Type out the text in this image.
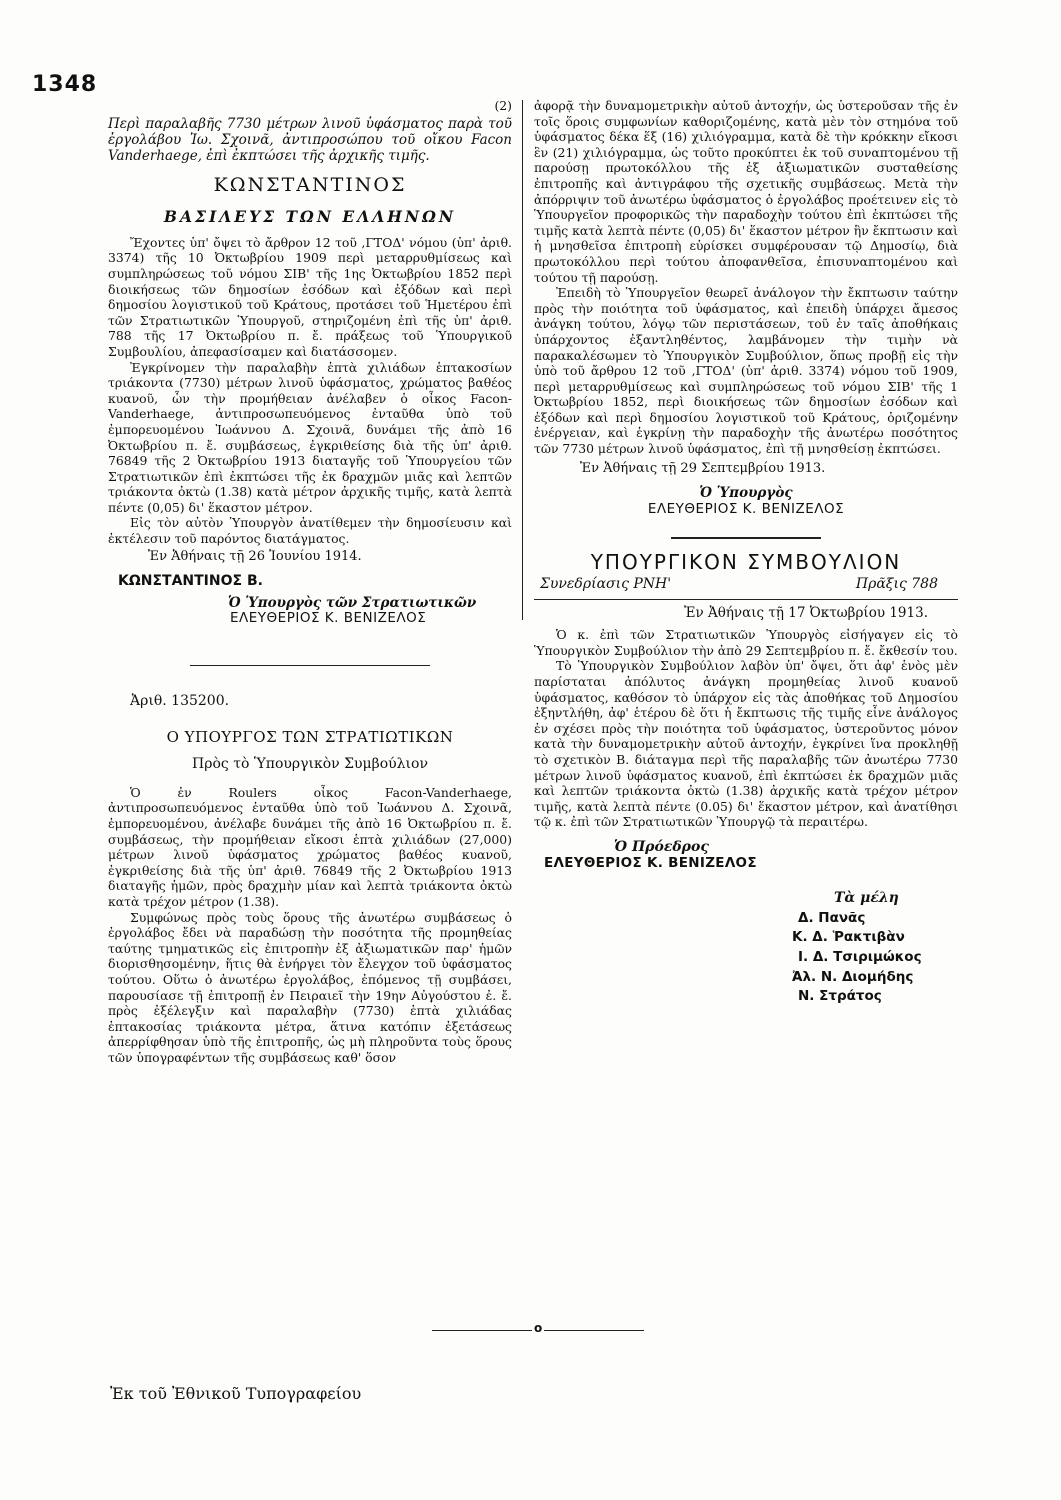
1348

(2)

Περὶ παραλαβῆς 7730 μέτρων λινοῦ ὑφάσματος παρὰ τοῦ ἐργολάβου Ἰω. Σχοινᾶ, ἀντιπροσώπου τοῦ οἴκου Facon Vanderhaege, ἐπὶ ἐκπτώσει τῆς ἀρχικῆς τιμῆς.

ΚΩΝΣΤΑΝΤΙΝΟΣ

ΒΑΣΙΛΕΥΣ ΤΩΝ ΕΛΛΗΝΩΝ

Ἔχοντες ὑπ' ὄψει τὸ ἄρθρον 12 τοῦ ,ΓΤΟΔ' νόμου (ὑπ' ἀριθ. 3374) τῆς 10 Ὀκτωβρίου 1909 περὶ μεταρρυθμίσεως καὶ συμπληρώσεως τοῦ νόμου ΣΙΒ' τῆς 1ης Ὀκτωβρίου 1852 περὶ διοικήσεως τῶν δημοσίων ἐσόδων καὶ ἐξόδων καὶ περὶ δημοσίου λογιστικοῦ τοῦ Κράτους, προτάσει τοῦ Ἡμετέρου ἐπὶ τῶν Στρατιωτικῶν Ὑπουργοῦ, στηριζομένη ἐπὶ τῆς ὑπ' ἀριθ. 788 τῆς 17 Ὀκτωβρίου π. ἔ. πράξεως τοῦ Ὑπουργικοῦ Συμβουλίου, ἀπεφασίσαμεν καὶ διατάσσομεν.

Ἐγκρίνομεν τὴν παραλαβὴν ἑπτὰ χιλιάδων ἑπτακοσίων τριάκοντα (7730) μέτρων λινοῦ ὑφάσματος, χρώματος βαθέος κυανοῦ, ὧν τὴν προμήθειαν ἀνέλαβεν ὁ οἶκος Facon-Vanderhaege, ἀντιπροσωπευόμενος ἐνταῦθα ὑπὸ τοῦ ἐμπορευομένου Ἰωάννου Δ. Σχοινᾶ, δυνάμει τῆς ἀπὸ 16 Ὀκτωβρίου π. ἔ. συμβάσεως, ἐγκριθείσης διὰ τῆς ὑπ' ἀριθ. 76849 τῆς 2 Ὀκτωβρίου 1913 διαταγῆς τοῦ Ὑπουργείου τῶν Στρατιωτικῶν ἐπὶ ἐκπτώσει τῆς ἐκ δραχμῶν μιᾶς καὶ λεπτῶν τριάκοντα ὀκτὼ (1.38) κατὰ μέτρον ἀρχικῆς τιμῆς, κατὰ λεπτὰ πέντε (0,05) δι' ἕκαστον μέτρον.

Εἰς τὸν αὐτὸν Ὑπουργὸν ἀνατίθεμεν τὴν δημοσίευσιν καὶ ἐκτέλεσιν τοῦ παρόντος διατάγματος.

Ἐν Ἀθήναις τῇ 26 Ἰουνίου 1914.

ΚΩΝΣΤΑΝΤΙΝΟΣ Β.

Ὁ Ὑπουργὸς τῶν Στρατιωτικῶν

ΕΛΕΥΘΕΡΙΟΣ Κ. ΒΕΝΙΖΕΛΟΣ

Ἀριθ. 135200.

Ο ΥΠΟΥΡΓΟΣ ΤΩΝ ΣΤΡΑΤΙΩΤΙΚΩΝ

Πρὸς τὸ Ὑπουργικὸν Συμβούλιον

Ὁ ἐν Roulers οἶκος Facon-Vanderhaege, ἀντιπροσωπευόμενος ἐνταῦθα ὑπὸ τοῦ Ἰωάννου Δ. Σχοινᾶ, ἐμπορευομένου, ἀνέλαβε δυνάμει τῆς ἀπὸ 16 Ὀκτωβρίου π. ἔ. συμβάσεως, τὴν προμήθειαν εἴκοσι ἑπτὰ χιλιάδων (27,000) μέτρων λινοῦ ὑφάσματος χρώματος βαθέος κυανοῦ, ἐγκριθείσης διὰ τῆς ὑπ' ἀριθ. 76849 τῆς 2 Ὀκτωβρίου 1913 διαταγῆς ἡμῶν, πρὸς δραχμὴν μίαν καὶ λεπτὰ τριάκοντα ὀκτὼ κατὰ τρέχον μέτρον (1.38).

Συμφώνως πρὸς τοὺς ὅρους τῆς ἀνωτέρω συμβάσεως ὁ ἐργολάβος ἔδει νὰ παραδώσῃ τὴν ποσότητα τῆς προμηθείας ταύτης τμηματικῶς εἰς ἐπιτροπὴν ἐξ ἀξιωματικῶν παρ' ἡμῶν διορισθησομένην, ἥτις θὰ ἐνήργει τὸν ἔλεγχον τοῦ ὑφάσματος τούτου. Οὕτω ὁ ἀνωτέρω ἐργολάβος, ἐπόμενος τῇ συμβάσει, παρουσίασε τῇ ἐπιτροπῇ ἐν Πειραιεῖ τὴν 19ην Αὐγούστου ἐ. ἔ. πρὸς ἐξέλεγξιν καὶ παραλαβὴν (7730) ἑπτὰ χιλιάδας ἑπτακοσίας τριάκοντα μέτρα, ἅτινα κατόπιν ἐξετάσεως ἀπερρίφθησαν ὑπὸ τῆς ἐπιτροπῆς, ὡς μὴ πληροῦντα τοὺς ὅρους τῶν ὑπογραφέντων τῆς συμβάσεως καθ' ὅσον

ἀφορᾷ τὴν δυναμομετρικὴν αὐτοῦ ἀντοχήν, ὡς ὑστεροῦσαν τῆς ἐν τοῖς ὅροις συμφωνίων καθοριζομένης, κατὰ μὲν τὸν στημόνα τοῦ ὑφάσματος δέκα ἕξ (16) χιλιόγραμμα, κατὰ δὲ τὴν κρόκκην εἴκοσι ἓν (21) χιλιόγραμμα, ὡς τοῦτο προκύπτει ἐκ τοῦ συναπτομένου τῇ παρούσῃ πρωτοκόλλου τῆς ἐξ ἀξιωματικῶν συσταθείσης ἐπιτροπῆς καὶ ἀντιγράφου τῆς σχετικῆς συμβάσεως. Μετὰ τὴν ἀπόρριψιν τοῦ ἀνωτέρω ὑφάσματος ὁ ἐργολάβος προέτεινεν εἰς τὸ Ὑπουργεῖον προφορικῶς τὴν παραδοχὴν τούτου ἐπὶ ἐκπτώσει τῆς τιμῆς κατὰ λεπτὰ πέντε (0,05) δι' ἕκαστον μέτρον ἣν ἔκπτωσιν καὶ ἡ μνησθεῖσα ἐπιτροπὴ εὑρίσκει συμφέρουσαν τῷ Δημοσίῳ, διὰ πρωτοκόλλου περὶ τούτου ἀποφανθεῖσα, ἐπισυναπτομένου καὶ τούτου τῇ παρούσῃ.

Ἐπειδὴ τὸ Ὑπουργεῖον θεωρεῖ ἀνάλογον τὴν ἔκπτωσιν ταύτην πρὸς τὴν ποιότητα τοῦ ὑφάσματος, καὶ ἐπειδὴ ὑπάρχει ἄμεσος ἀνάγκη τούτου, λόγῳ τῶν περιστάσεων, τοῦ ἐν ταῖς ἀποθήκαις ὑπάρχοντος ἐξαντληθέντος, λαμβάνομεν τὴν τιμὴν νὰ παρακαλέσωμεν τὸ Ὑπουργικὸν Συμβούλιον, ὅπως προβῇ εἰς τὴν ὑπὸ τοῦ ἄρθρου 12 τοῦ ,ΓΤΟΔ' (ὑπ' ἀριθ. 3374) νόμου τοῦ 1909, περὶ μεταρρυθμίσεως καὶ συμπληρώσεως τοῦ νόμου ΣΙΒ' τῆς 1 Ὀκτωβρίου 1852, περὶ διοικήσεως τῶν δημοσίων ἐσόδων καὶ ἐξόδων καὶ περὶ δημοσίου λογιστικοῦ τοῦ Κράτους, ὁριζομένην ἐνέργειαν, καὶ ἐγκρίνῃ τὴν παραδοχὴν τῆς ἀνωτέρω ποσότητος τῶν 7730 μέτρων λινοῦ ὑφάσματος, ἐπὶ τῇ μνησθείσῃ ἐκπτώσει.

Ἐν Ἀθήναις τῇ 29 Σεπτεμβρίου 1913.

Ὁ Ὑπουργὸς

ΕΛΕΥΘΕΡΙΟΣ Κ. ΒΕΝΙΖΕΛΟΣ

ΥΠΟΥΡΓΙΚΟΝ ΣΥΜΒΟΥΛΙΟΝ

Συνεδρίασις ΡΝΗ'	Πρᾶξις 788

Ἐν Ἀθήναις τῇ 17 Ὀκτωβρίου 1913.

Ὁ κ. ἐπὶ τῶν Στρατιωτικῶν Ὑπουργὸς εἰσήγαγεν εἰς τὸ Ὑπουργικὸν Συμβούλιον τὴν ἀπὸ 29 Σεπτεμβρίου π. ἔ. ἔκθεσίν του.

Τὸ Ὑπουργικὸν Συμβούλιον λαβὸν ὑπ' ὄψει, ὅτι ἀφ' ἑνὸς μὲν παρίσταται ἀπόλυτος ἀνάγκη προμηθείας λινοῦ κυανοῦ ὑφάσματος, καθόσον τὸ ὑπάρχον εἰς τὰς ἀποθήκας τοῦ Δημοσίου ἐξηντλήθη, ἀφ' ἑτέρου δὲ ὅτι ἡ ἔκπτωσις τῆς τιμῆς εἶνε ἀνάλογος ἐν σχέσει πρὸς τὴν ποιότητα τοῦ ὑφάσματος, ὑστεροῦντος μόνον κατὰ τὴν δυναμομετρικὴν αὐτοῦ ἀντοχήν, ἐγκρίνει ἵνα προκληθῇ τὸ σχετικὸν Β. διάταγμα περὶ τῆς παραλαβῆς τῶν ἀνωτέρω 7730 μέτρων λινοῦ ὑφάσματος κυανοῦ, ἐπὶ ἐκπτώσει ἐκ δραχμῶν μιᾶς καὶ λεπτῶν τριάκοντα ὀκτὼ (1.38) ἀρχικῆς κατὰ τρέχον μέτρον τιμῆς, κατὰ λεπτὰ πέντε (0.05) δι' ἕκαστον μέτρον, καὶ ἀνατίθησι τῷ κ. ἐπὶ τῶν Στρατιωτικῶν Ὑπουργῷ τὰ περαιτέρω.

Ὁ Πρόεδρος

ΕΛΕΥΘΕΡΙΟΣ Κ. ΒΕΝΙΖΕΛΟΣ

Τὰ μέλη

Δ. Πανᾶς

Κ. Δ. Ῥακτιβὰν

Ι. Δ. Τσιριμώκος

Ἀλ. Ν. Διομήδης

Ν. Στράτος

o
Ἐκ τοῦ Ἐθνικοῦ Τυπογραφείου
